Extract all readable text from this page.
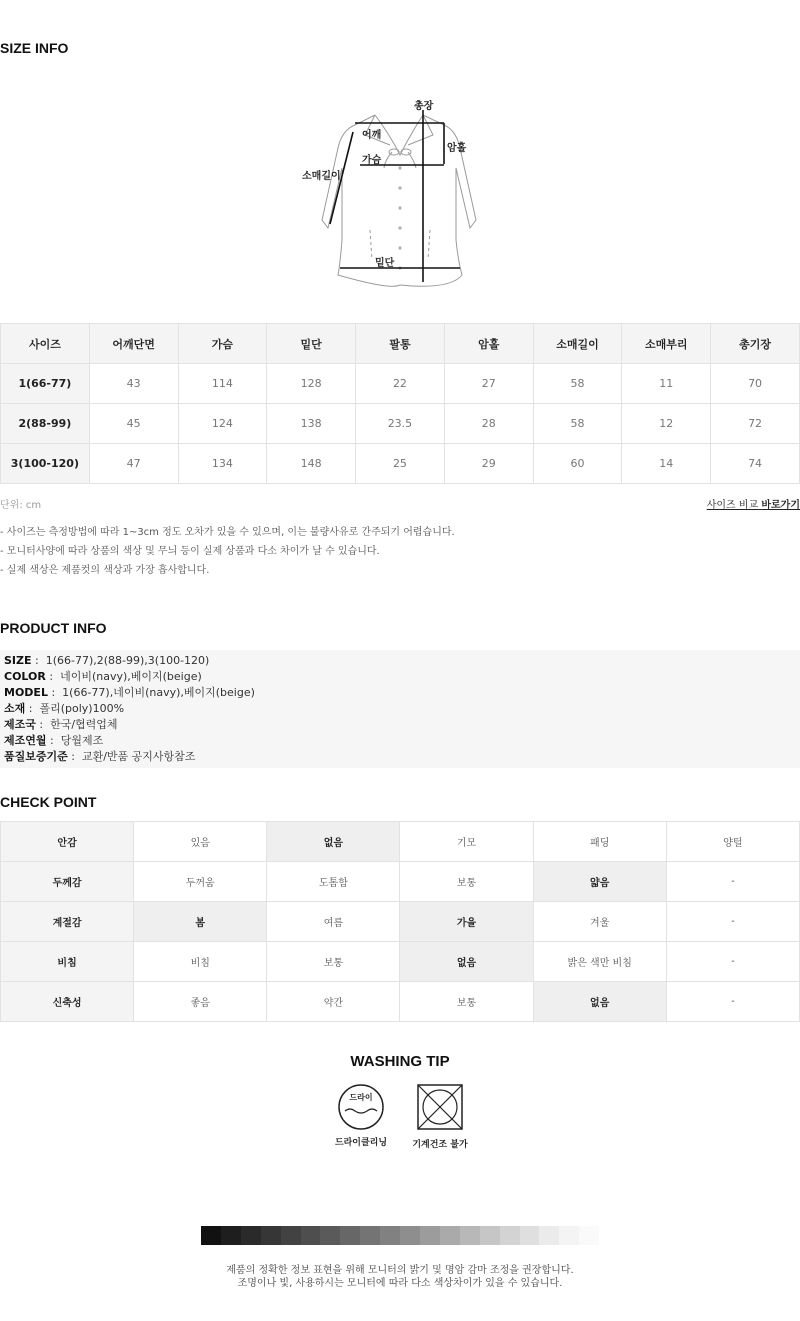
SIZE INFO
총장
어깨
암홀
가슴
소매길이
밑단
사이즈	어깨단면	가슴	밑단	팔통	암홀	소매길이	소매부리	총기장
1(66-77)	43	114	128	22	27	58	11	70
2(88-99)	45	124	138	23.5	28	58	12	72
3(100-120)	47	134	148	25	29	60	14	74
단위: cm	사이즈 비교 바로가기
- 사이즈는 측정방법에 따라 1~3cm 정도 오차가 있을 수 있으며, 이는 불량사유로 간주되기 어렵습니다.
- 모니터사양에 따라 상품의 색상 및 무늬 등이 실제 상품과 다소 차이가 날 수 있습니다.
- 실제 색상은 제품컷의 색상과 가장 흡사합니다.
PRODUCT INFO
SIZE :  1(66-77),2(88-99),3(100-120)
COLOR :  네이비(navy),베이지(beige)
MODEL :  1(66-77),네이비(navy),베이지(beige)
소재 :  폴리(poly)100%
제조국 :  한국/협력업체
제조연월 :  당월제조
품질보증기준 :  교환/반품 공지사항참조
CHECK POINT
안감	있음	없음	기모	패딩	양털
두께감	두꺼움	도톰함	보통	얇음	-
계절감	봄	여름	가을	겨울	-
비침	비침	보통	없음	밝은 색만 비침	-
신축성	좋음	약간	보통	없음	-
WASHING TIP
드라이
드라이클리닝	기계건조 불가
제품의 정확한 정보 표현을 위해 모니터의 밝기 및 명암 감마 조정을 권장합니다.
조명이나 빛, 사용하시는 모니터에 따라 다소 색상차이가 있을 수 있습니다.
